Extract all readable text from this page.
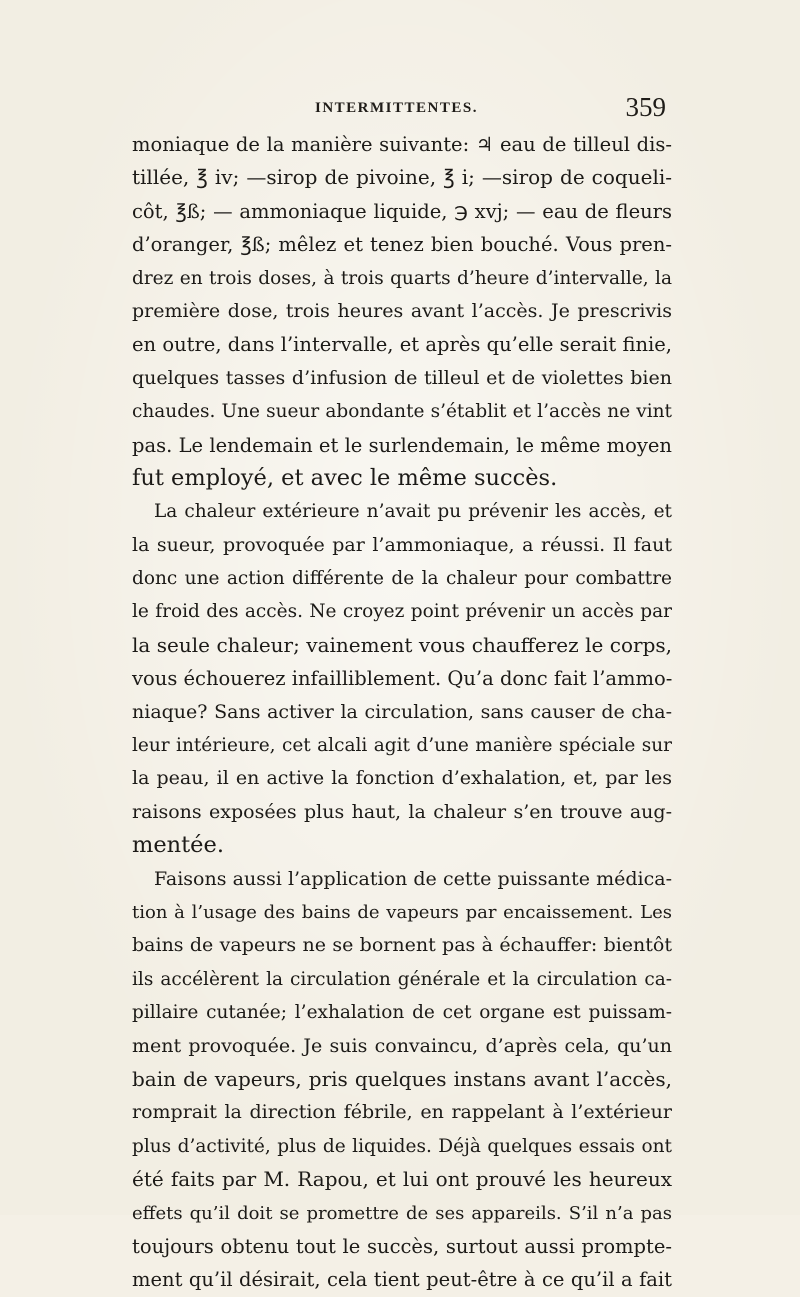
INTERMITTENTES.	359
moniaque de la manière suivante: ♃ eau de tilleul dis-
tillée, ℥ iv; —sirop de pivoine, ℥ i; —sirop de coqueli-
côt, ℥ß; — ammoniaque liquide, ℈ xvj; — eau de fleurs
d’oranger, ℥ß; mêlez et tenez bien bouché. Vous pren-
drez en trois doses, à trois quarts d’heure d’intervalle, la
première dose, trois heures avant l’accès. Je prescrivis
en outre, dans l’intervalle, et après qu’elle serait finie,
quelques tasses d’infusion de tilleul et de violettes bien
chaudes. Une sueur abondante s’établit et l’accès ne vint
pas. Le lendemain et le surlendemain, le même moyen
fut employé, et avec le même succès.
La chaleur extérieure n’avait pu prévenir les accès, et
la sueur, provoquée par l’ammoniaque, a réussi. Il faut
donc une action différente de la chaleur pour combattre
le froid des accès. Ne croyez point prévenir un accès par
la seule chaleur; vainement vous chaufferez le corps,
vous échouerez infailliblement. Qu’a donc fait l’ammo-
niaque? Sans activer la circulation, sans causer de cha-
leur intérieure, cet alcali agit d’une manière spéciale sur
la peau, il en active la fonction d’exhalation, et, par les
raisons exposées plus haut, la chaleur s’en trouve aug-
mentée.
Faisons aussi l’application de cette puissante médica-
tion à l’usage des bains de vapeurs par encaissement. Les
bains de vapeurs ne se bornent pas à échauffer: bientôt
ils accélèrent la circulation générale et la circulation ca-
pillaire cutanée; l’exhalation de cet organe est puissam-
ment provoquée. Je suis convaincu, d’après cela, qu’un
bain de vapeurs, pris quelques instans avant l’accès,
romprait la direction fébrile, en rappelant à l’extérieur
plus d’activité, plus de liquides. Déjà quelques essais ont
été faits par M. Rapou, et lui ont prouvé les heureux
effets qu’il doit se promettre de ses appareils. S’il n’a pas
toujours obtenu tout le succès, surtout aussi prompte-
ment qu’il désirait, cela tient peut-être à ce qu’il a fait
